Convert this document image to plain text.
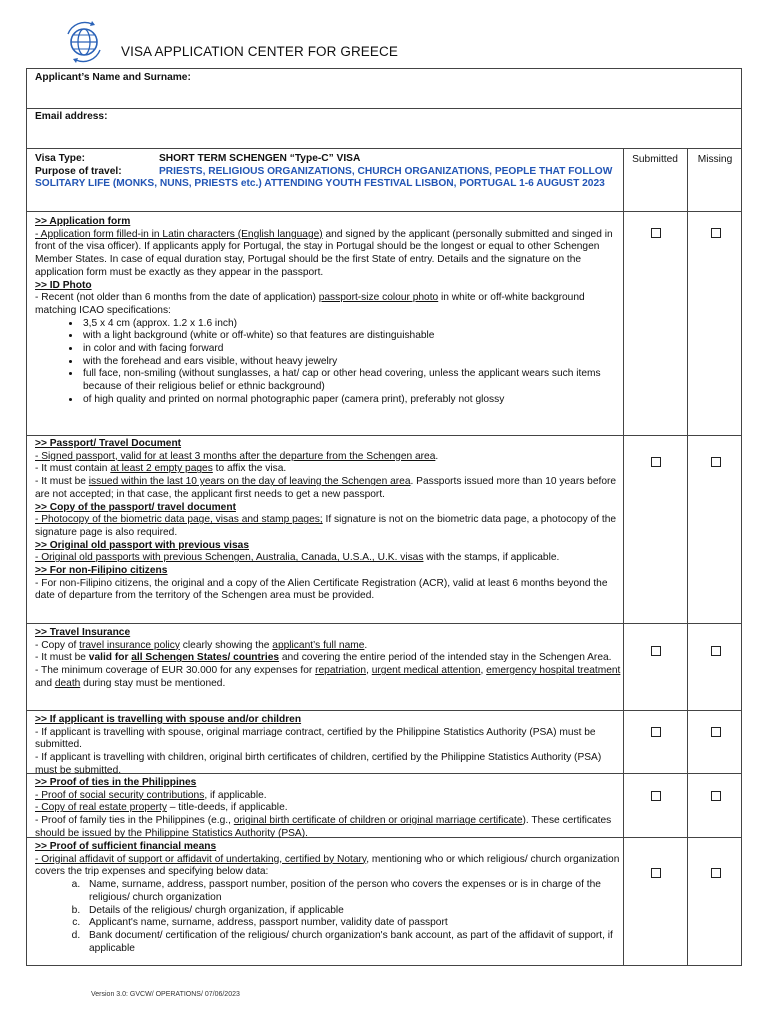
VISA APPLICATION CENTER FOR GREECE
Applicant’s Name and Surname:
Email address:
Visa Type:	SHORT TERM SCHENGEN “Type-C” VISA
Purpose of travel:	PRIESTS, RELIGIOUS ORGANIZATIONS, CHURCH ORGANIZATIONS, PEOPLE THAT FOLLOW SOLITARY LIFE (MONKS, NUNS, PRIESTS etc.) ATTENDING YOUTH FESTIVAL LISBON, PORTUGAL 1-6 AUGUST 2023
Submitted	Missing
>> Application form
- Application form filled-in in Latin characters (English language) and signed by the applicant (personally submitted and singed in front of the visa officer). If applicants apply for Portugal, the stay in Portugal should be the longest or equal to other Schengen Member States. In case of equal duration stay, Portugal should be the first State of entry. Details and the signature on the application form must be exactly as they appear in the passport.
>> ID Photo
- Recent (not older than 6 months from the date of application) passport-size colour photo in white or off-white background matching ICAO specifications:
• 3,5 x 4 cm (approx. 1.2 x 1.6 inch)
• with a light background (white or off-white) so that features are distinguishable
• in color and with facing forward
• with the forehead and ears visible, without heavy jewelry
• full face, non-smiling (without sunglasses, a hat/ cap or other head covering, unless the applicant wears such items because of their religious belief or ethnic background)
• of high quality and printed on normal photographic paper (camera print), preferably not glossy
>> Passport/ Travel Document
- Signed passport, valid for at least 3 months after the departure from the Schengen area.
- It must contain at least 2 empty pages to affix the visa.
- It must be issued within the last 10 years on the day of leaving the Schengen area. Passports issued more than 10 years before are not accepted; in that case, the applicant first needs to get a new passport.
>> Copy of the passport/ travel document
- Photocopy of the biometric data page, visas and stamp pages; If signature is not on the biometric data page, a photocopy of the signature page is also required.
>> Original old passport with previous visas
- Original old passports with previous Schengen, Australia, Canada, U.S.A., U.K. visas with the stamps, if applicable.
>> For non-Filipino citizens
- For non-Filipino citizens, the original and a copy of the Alien Certificate Registration (ACR), valid at least 6 months beyond the date of departure from the territory of the Schengen area must be provided.
>> Travel Insurance
- Copy of travel insurance policy clearly showing the applicant’s full name.
- It must be valid for all Schengen States/ countries and covering the entire period of the intended stay in the Schengen Area.
- The minimum coverage of EUR 30.000 for any expenses for repatriation, urgent medical attention, emergency hospital treatment and death during stay must be mentioned.
>> If applicant is travelling with spouse and/or children
- If applicant is travelling with spouse, original marriage contract, certified by the Philippine Statistics Authority (PSA) must be submitted.
- If applicant is travelling with children, original birth certificates of children, certified by the Philippine Statistics Authority (PSA) must be submitted.
>> Proof of ties in the Philippines
- Proof of social security contributions, if applicable.
- Copy of real estate property – title-deeds, if applicable.
- Proof of family ties in the Philippines (e.g., original birth certificate of children or original marriage certificate). These certificates should be issued by the Philippine Statistics Authority (PSA).
>> Proof of sufficient financial means
- Original affidavit of support or affidavit of undertaking, certified by Notary, mentioning who or which religious/ church organization covers the trip expenses and specifying below data:
a. Name, surname, address, passport number, position of the person who covers the expenses or is in charge of the religious/ church organization
b. Details of the religious/ churgh organization, if applicable
c. Applicant's name, surname, address, passport number, validity date of passport
d. Bank document/ certification of the religious/ church organization's bank account, as part of the affidavit of support, if applicable
Version 3.0: GVCW/ OPERATIONS/ 07/06/2023
